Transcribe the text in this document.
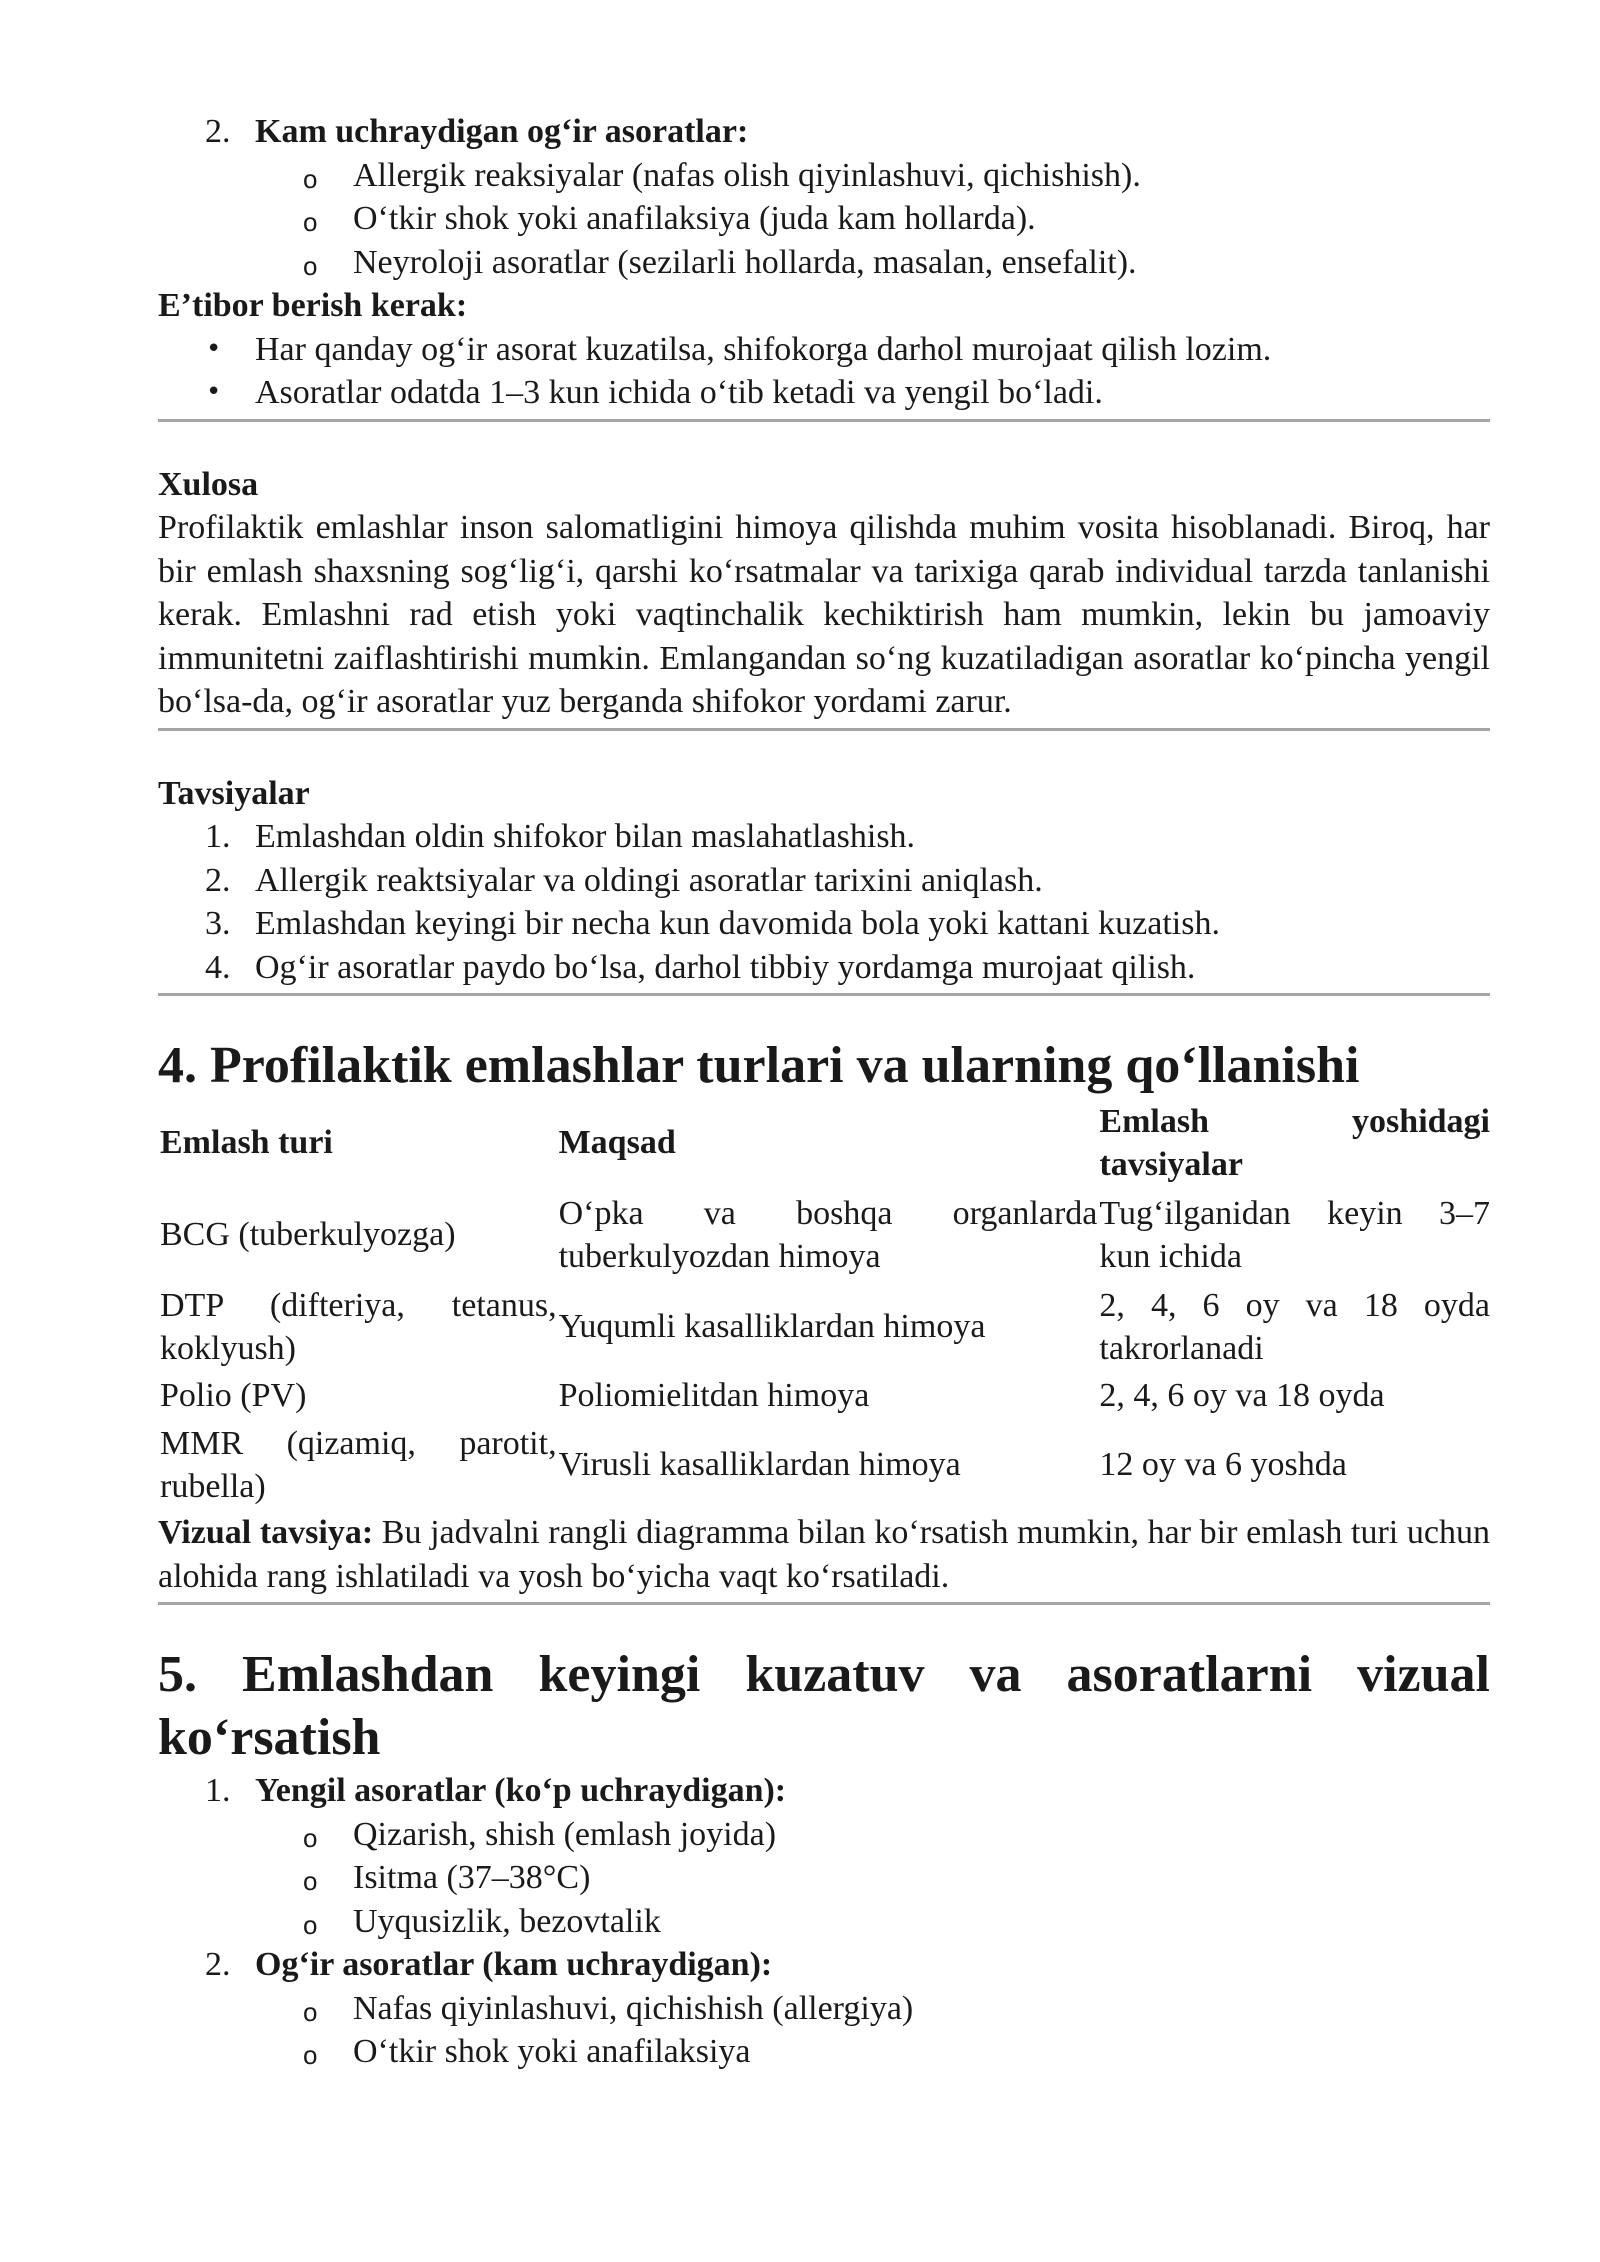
2. Kam uchraydigan og‘ir asoratlar:
o Allergik reaksiyalar (nafas olish qiyinlashuvi, qichishish).
o O‘tkir shok yoki anafilaksiya (juda kam hollarda).
o Neyroloji asoratlar (sezilarli hollarda, masalan, ensefalit).

E’tibor berish kerak:

• Har qanday og‘ir asorat kuzatilsa, shifokorga darhol murojaat qilish lozim.
• Asoratlar odatda 1–3 kun ichida o‘tib ketadi va yengil bo‘ladi.

Xulosa

Profilaktik emlashlar inson salomatligini himoya qilishda muhim vosita hisoblanadi. Biroq, har bir emlash shaxsning sog‘lig‘i, qarshi ko‘rsatmalar va tarixiga qarab individual tarzda tanlanishi kerak. Emlashni rad etish yoki vaqtinchalik kechiktirish ham mumkin, lekin bu jamoaviy immunitetni zaiflashtirishi mumkin. Emlangandan so‘ng kuzatiladigan asoratlar ko‘pincha yengil bo‘lsa-da, og‘ir asoratlar yuz berganda shifokor yordami zarur.

Tavsiyalar

1. Emlashdan oldin shifokor bilan maslahatlashish.
2. Allergik reaktsiyalar va oldingi asoratlar tarixini aniqlash.
3. Emlashdan keyingi bir necha kun davomida bola yoki kattani kuzatish.
4. Og‘ir asoratlar paydo bo‘lsa, darhol tibbiy yordamga murojaat qilish.
4. Profilaktik emlashlar turlari va ularning qo‘llanishi
Emlash turi	Maqsad	Emlash yoshidagi tavsiyalar

BCG (tuberkulyozga)	O‘pka va boshqa organlarda tuberkulyozdan himoya	Tug‘ilganidan keyin 3–7 kun ichida
DTP (difteriya, tetanus, koklyush)	Yuqumli kasalliklardan himoya	2, 4, 6 oy va 18 oyda takrorlanadi
Polio (PV)	Poliomielitdan himoya	2, 4, 6 oy va 18 oyda
MMR (qizamiq, parotit, rubella)	Virusli kasalliklardan himoya	12 oy va 6 yoshda

Vizual tavsiya: Bu jadvalni rangli diagramma bilan ko‘rsatish mumkin, har bir emlash turi uchun alohida rang ishlatiladi va yosh bo‘yicha vaqt ko‘rsatiladi.

5. Emlashdan keyingi kuzatuv va asoratlarni vizual ko‘rsatish
1. Yengil asoratlar (ko‘p uchraydigan):
o Qizarish, shish (emlash joyida)
o Isitma (37–38°C)
o Uyqusizlik, bezovtalik
2. Og‘ir asoratlar (kam uchraydigan):
o Nafas qiyinlashuvi, qichishish (allergiya)
o O‘tkir shok yoki anafilaksiya
